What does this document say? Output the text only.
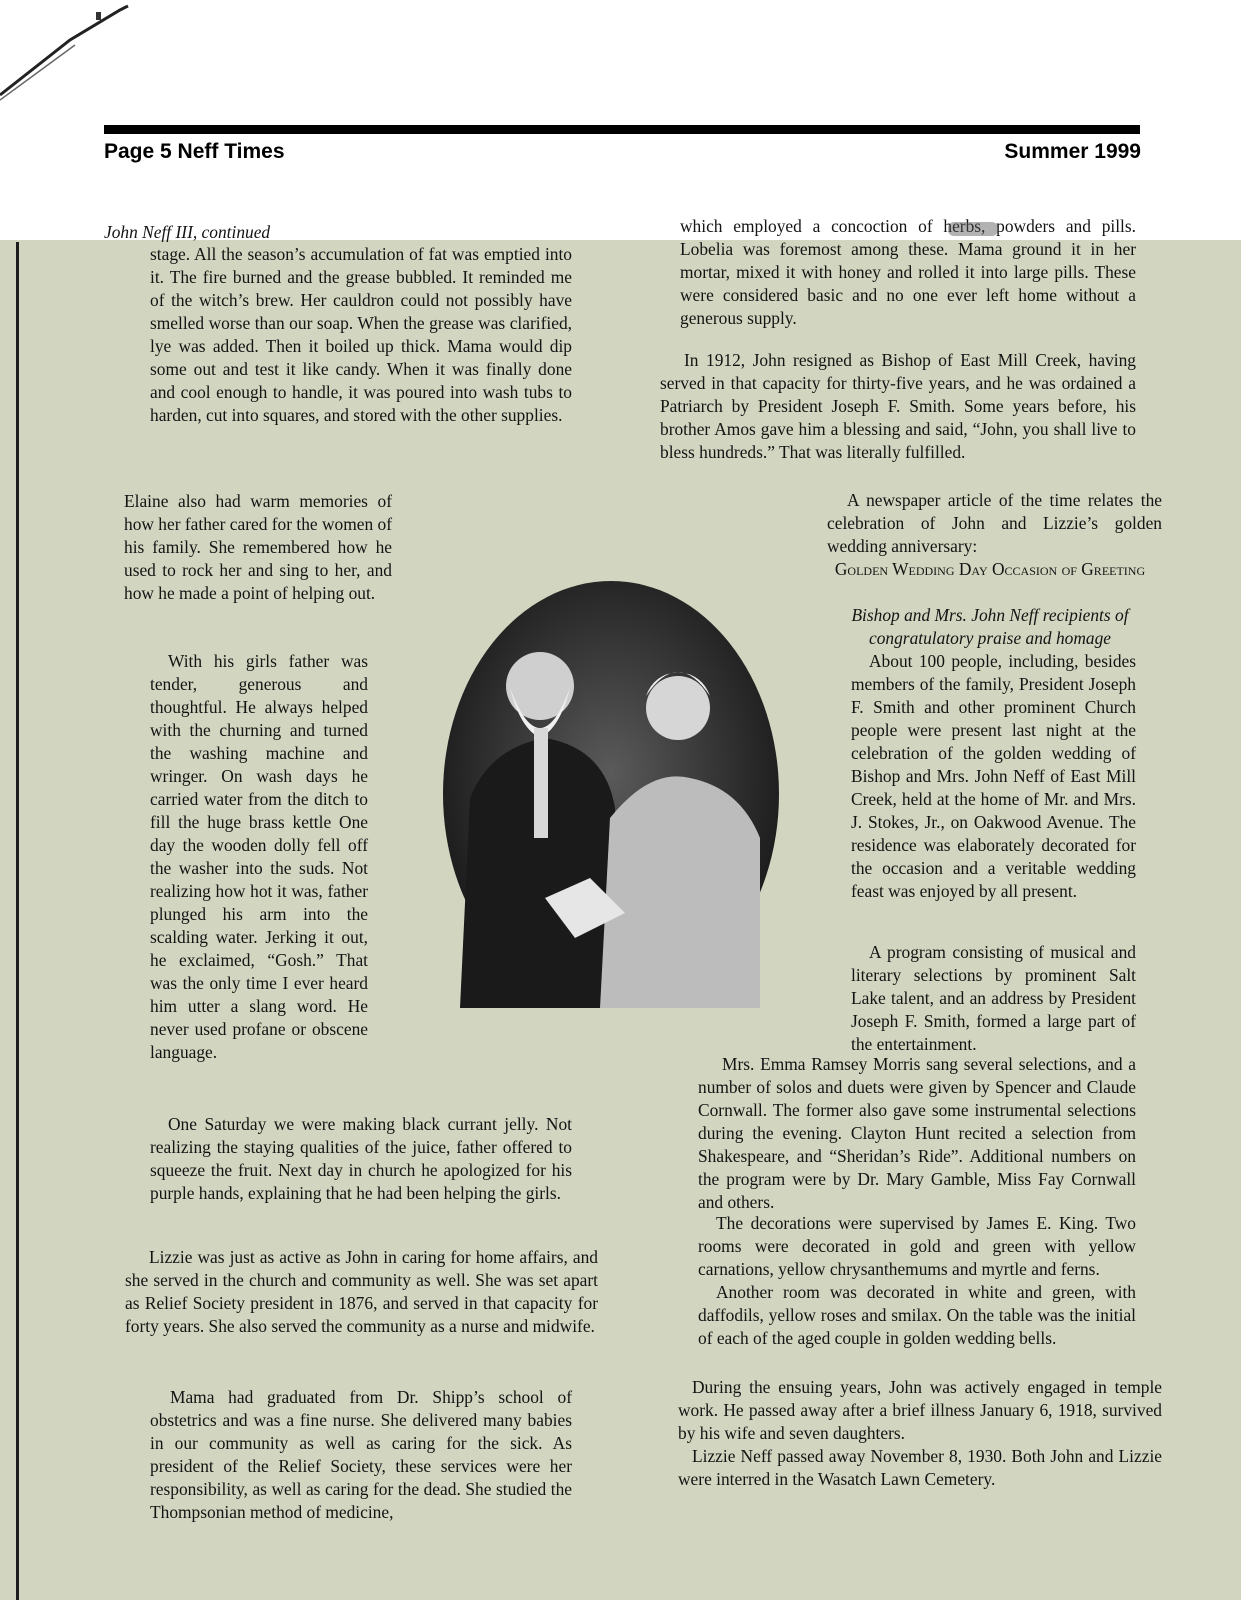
Page 5 Neff Times	Summer 1999
John Neff III, continued

stage. All the season’s accumulation of fat was emptied into it. The fire burned and the grease bubbled. It reminded me of the witch’s brew. Her cauldron could not possibly have smelled worse than our soap. When the grease was clarified, lye was added. Then it boiled up thick. Mama would dip some out and test it like candy. When it was finally done and cool enough to handle, it was poured into wash tubs to harden, cut into squares, and stored with the other supplies.

Elaine also had warm memories of how her father cared for the women of his family. She remembered how he used to rock her and sing to her, and how he made a point of helping out.

With his girls father was tender, generous and thoughtful. He always helped with the churning and turned the washing machine and wringer. On wash days he carried water from the ditch to fill the huge brass kettle One day the wooden dolly fell off the washer into the suds. Not realizing how hot it was, father plunged his arm into the scalding water. Jerking it out, he exclaimed, “Gosh.” That was the only time I ever heard him utter a slang word. He never used profane or obscene language.

One Saturday we were making black currant jelly. Not realizing the staying qualities of the juice, father offered to squeeze the fruit. Next day in church he apologized for his purple hands, explaining that he had been helping the girls.

Lizzie was just as active as John in caring for home affairs, and she served in the church and community as well. She was set apart as Relief Society president in 1876, and served in that capacity for forty years. She also served the community as a nurse and midwife.

Mama had graduated from Dr. Shipp’s school of obstetrics and was a fine nurse. She delivered many babies in our community as well as caring for the sick. As president of the Relief Society, these services were her responsibility, as well as caring for the dead. She studied the Thompsonian method of medicine,

which employed a concoction of herbs, powders and pills. Lobelia was foremost among these. Mama ground it in her mortar, mixed it with honey and rolled it into large pills. These were considered basic and no one ever left home without a generous supply.

In 1912, John resigned as Bishop of East Mill Creek, having served in that capacity for thirty-five years, and he was ordained a Patriarch by President Joseph F. Smith. Some years before, his brother Amos gave him a blessing and said, “John, you shall live to bless hundreds.” That was literally fulfilled.

A newspaper article of the time relates the celebration of John and Lizzie’s golden wedding anniversary:

Golden Wedding Day Occasion of Greeting
Bishop and Mrs. John Neff recipients of congratulatory praise and homage

About 100 people, including, besides members of the family, President Joseph F. Smith and other prominent Church people were present last night at the celebration of the golden wedding of Bishop and Mrs. John Neff of East Mill Creek, held at the home of Mr. and Mrs. J. Stokes, Jr., on Oakwood Avenue. The residence was elaborately decorated for the occasion and a veritable wedding feast was enjoyed by all present.

A program consisting of musical and literary selections by prominent Salt Lake talent, and an address by President Joseph F. Smith, formed a large part of the entertainment.

Mrs. Emma Ramsey Morris sang several selections, and a number of solos and duets were given by Spencer and Claude Cornwall. The former also gave some instrumental selections during the evening. Clayton Hunt recited a selection from Shakespeare, and “Sheridan’s Ride”. Additional numbers on the program were by Dr. Mary Gamble, Miss Fay Cornwall and others.

The decorations were supervised by James E. King. Two rooms were decorated in gold and green with yellow carnations, yellow chrysanthemums and myrtle and ferns.

Another room was decorated in white and green, with daffodils, yellow roses and smilax. On the table was the initial of each of the aged couple in golden wedding bells.

During the ensuing years, John was actively engaged in temple work. He passed away after a brief illness January 6, 1918, survived by his wife and seven daughters.

Lizzie Neff passed away November 8, 1930. Both John and Lizzie were interred in the Wasatch Lawn Cemetery.
